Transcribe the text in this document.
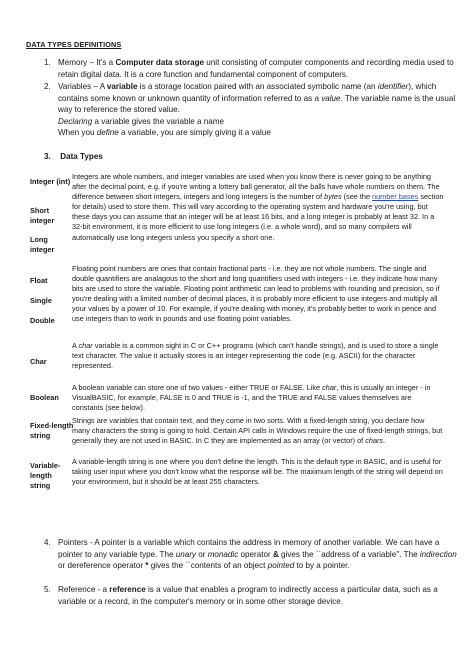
DATA TYPES DEFINITIONS
1. Memory – It’s a Computer data storage unit consisting of computer components and recording media used to retain digital data. It is a core function and fundamental component of computers.
2. Variables – A variable is a storage location paired with an associated symbolic name (an identifier), which contains some known or unknown quantity of information referred to as a value. The variable name is the usual way to reference the stored value.
Declaring a variable gives the variable a name
When you define a variable, you are simply giving it a value
3. Data Types
Integer (int)
Short integer
Long integer
Integers are whole numbers, and integer variables are used when you know there is never going to be anything after the decimal point, e.g. if you're writing a lottery ball generator, all the balls have whole numbers on them. The difference between short integers, integers and long integers is the number of bytes (see the number bases section for details) used to store them. This will vary according to the operating system and hardware you're using, but these days you can assume that an integer will be at least 16 bits, and a long integer is probably at least 32. In a 32-bit environment, it is more efficient to use long integers (i.e. a whole word), and so many compilers will automatically use long integers unless you specify a short one.
Float
Single
Double
Floating point numbers are ones that contain fractional parts - i.e. they are not whole numbers. The single and double quantifiers are analagous to the short and long quantifiers used with integers - i.e. they indicate how many bits are used to store the variable. Floating point arithmetic can lead to problems with rounding and precision, so if you're dealing with a limited number of decimal places, it is probably more efficient to use integers and multiply all your values by a power of 10. For example, if you're dealing with money, it's probably better to work in pence and use integers than to work in pounds and use floating point variables.
Char
A char variable is a common sight in C or C++ programs (which can't handle strings), and is used to store a single text character. The value it actually stores is an integer representing the code (e.g. ASCII) for the character represented.
Boolean
A boolean variable can store one of two values - either TRUE or FALSE. Like char, this is usually an integer - in VisualBASIC, for example, FALSE is 0 and TRUE is -1, and the TRUE and FALSE values themselves are constants (see below).
Fixed-length string
Strings are variables that contain text, and they come in two sorts. With a fixed-length string, you declare how many characters the string is going to hold. Certain API calls in Windows require the use of fixed-length strings, but generally they are not used in BASIC. In C they are implemented as an array (or vector) of chars.
Variable-length string
A variable-length string is one where you don't define the length. This is the default type in BASIC, and is useful for taking user input where you don't know what the response will be. The maximum length of the string will depend on your environment, but it should be at least 255 characters.
4. Pointers - A pointer is a variable which contains the address in memory of another variable. We can have a pointer to any variable type. The unary or monadic operator & gives the ``address of a variable''. The indirection or dereference operator * gives the ``contents of an object pointed to by a pointer.
5. Reference - a reference is a value that enables a program to indirectly access a particular data, such as a variable or a record, in the computer's memory or in some other storage device.
